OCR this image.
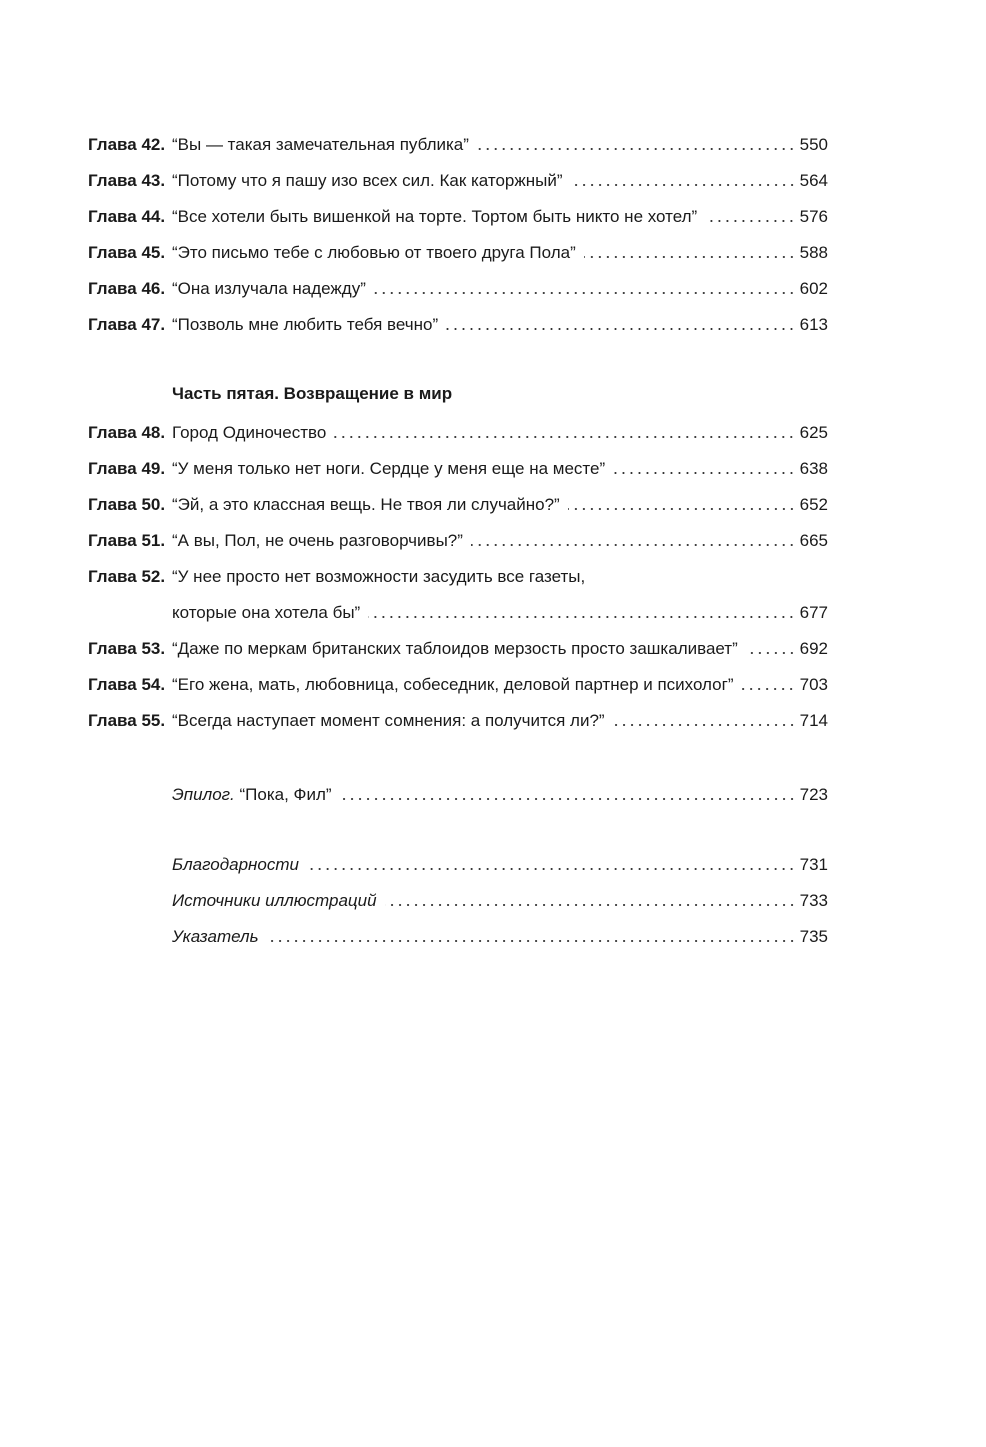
Глава 42. “Вы — такая замечательная публика”	550
Глава 43. “Потому что я пашу изо всех сил. Как каторжный”	564
Глава 44. “Все хотели быть вишенкой на торте. Тортом быть никто не хотел”	576
Глава 45. “Это письмо тебе с любовью от твоего друга Пола”	588
Глава 46. “Она излучала надежду”	602
Глава 47. “Позволь мне любить тебя вечно”	613
Часть пятая. Возвращение в мир
Глава 48. Город Одиночество	625
Глава 49. “У меня только нет ноги. Сердце у меня еще на месте”	638
Глава 50. “Эй, а это классная вещь. Не твоя ли случайно?”	652
Глава 51. “А вы, Пол, не очень разговорчивы?”	665
Глава 52. “У нее просто нет возможности засудить все газеты,
которые она хотела бы”	677
Глава 53. “Даже по меркам британских таблоидов мерзость просто зашкаливает”	692
Глава 54. “Его жена, мать, любовница, собеседник, деловой партнер и психолог”	703
Глава 55. “Всегда наступает момент сомнения: а получится ли?”	714
Эпилог. “Пока, Фил”	723
Благодарности	731
Источники иллюстраций	733
Указатель	735
